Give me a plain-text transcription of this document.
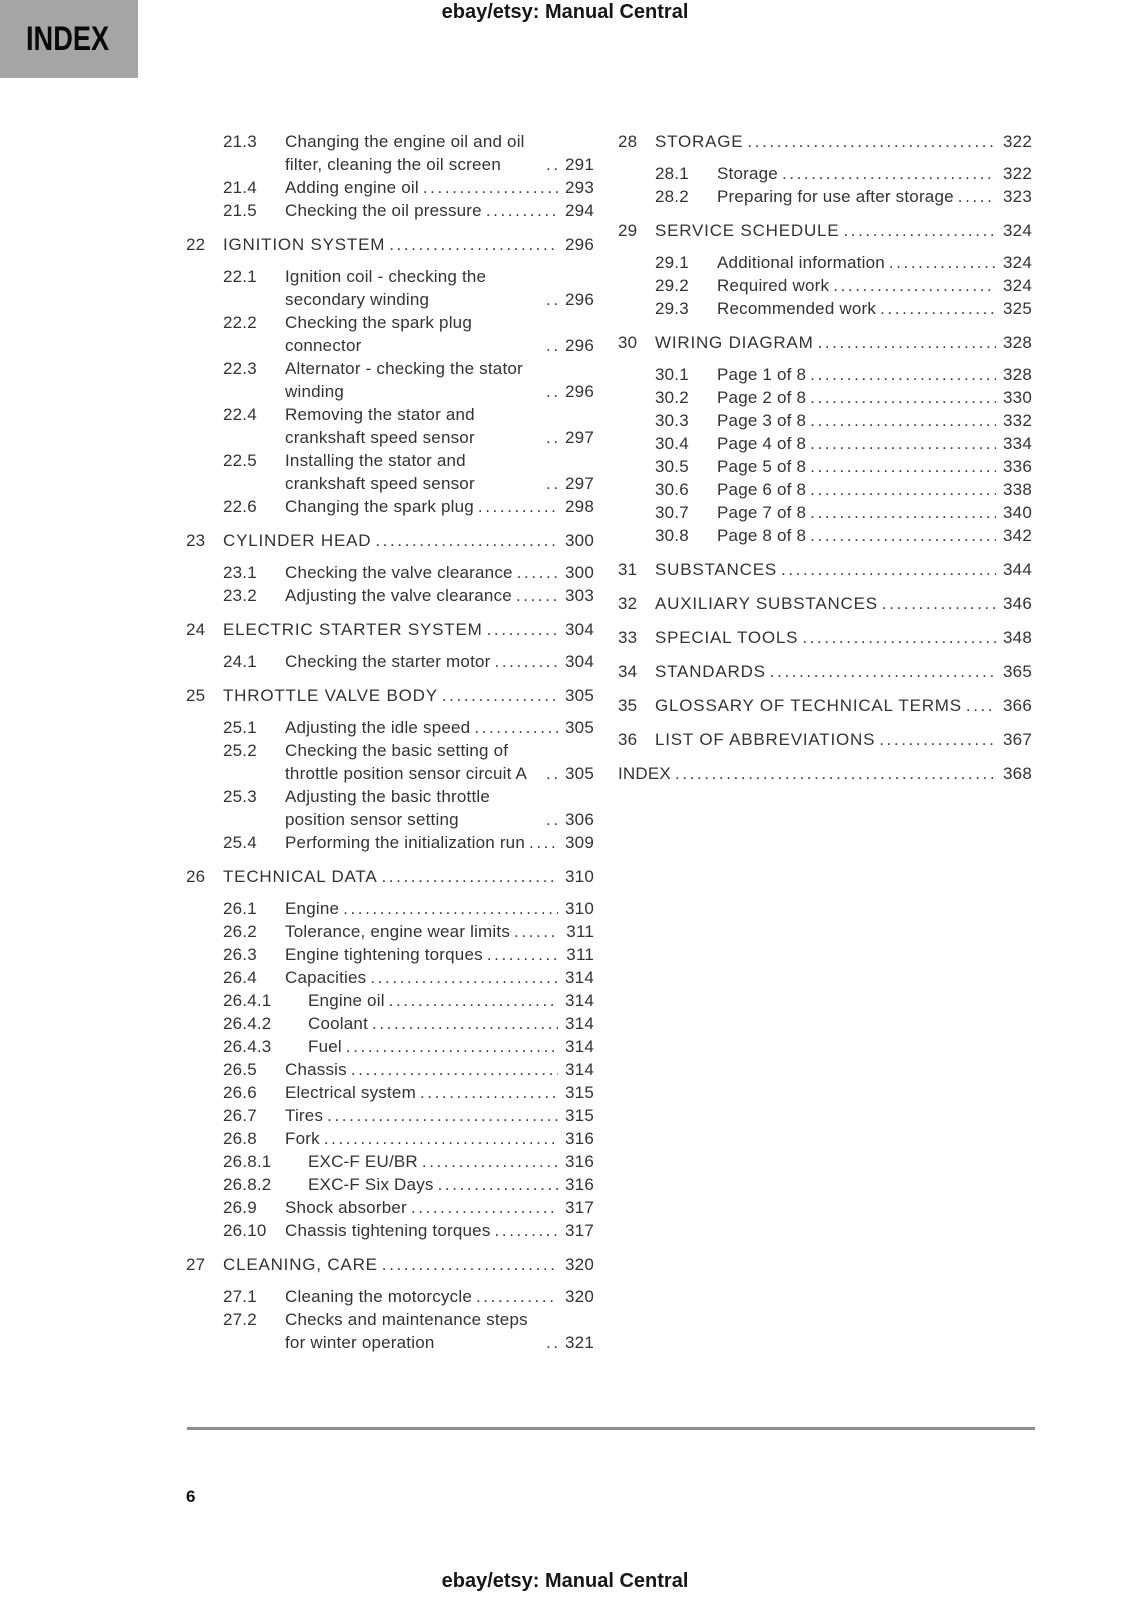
INDEX
ebay/etsy: Manual Central
21.3	Changing the engine oil and oil filter, cleaning the oil screen .....	291
21.4	Adding engine oil .....	293
21.5	Checking the oil pressure .....	294
22	IGNITION SYSTEM .....	296
22.1	Ignition coil - checking the secondary winding .....	296
22.2	Checking the spark plug connector .....	296
22.3	Alternator - checking the stator winding .....	296
22.4	Removing the stator and crankshaft speed sensor .....	297
22.5	Installing the stator and crankshaft speed sensor .....	297
22.6	Changing the spark plug .....	298
23	CYLINDER HEAD .....	300
23.1	Checking the valve clearance .....	300
23.2	Adjusting the valve clearance .....	303
24	ELECTRIC STARTER SYSTEM .....	304
24.1	Checking the starter motor .....	304
25	THROTTLE VALVE BODY .....	305
25.1	Adjusting the idle speed .....	305
25.2	Checking the basic setting of throttle position sensor circuit A .....	305
25.3	Adjusting the basic throttle position sensor setting .....	306
25.4	Performing the initialization run ..... 309
26	TECHNICAL DATA .....	310
26.1	Engine .....	310
26.2	Tolerance, engine wear limits .....	311
26.3	Engine tightening torques .....	311
26.4	Capacities .....	314
26.4.1	Engine oil .....	314
26.4.2	Coolant .....	314
26.4.3	Fuel .....	314
26.5	Chassis .....	314
26.6	Electrical system .....	315
26.7	Tires .....	315
26.8	Fork .....	316
26.8.1	EXC-F EU/BR .....	316
26.8.2	EXC-F Six Days .....	316
26.9	Shock absorber .....	317
26.10	Chassis tightening torques .....	317
27	CLEANING, CARE .....	320
27.1	Cleaning the motorcycle .....	320
27.2	Checks and maintenance steps for winter operation .....	321
28	STORAGE .....	322
28.1	Storage .....	322
28.2	Preparing for use after storage .....	323
29	SERVICE SCHEDULE .....	324
29.1	Additional information .....	324
29.2	Required work .....	324
29.3	Recommended work .....	325
30	WIRING DIAGRAM .....	328
30.1	Page 1 of 8 .....	328
30.2	Page 2 of 8 .....	330
30.3	Page 3 of 8 .....	332
30.4	Page 4 of 8 .....	334
30.5	Page 5 of 8 .....	336
30.6	Page 6 of 8 .....	338
30.7	Page 7 of 8 .....	340
30.8	Page 8 of 8 .....	342
31	SUBSTANCES .....	344
32	AUXILIARY SUBSTANCES .....	346
33	SPECIAL TOOLS .....	348
34	STANDARDS .....	365
35	GLOSSARY OF TECHNICAL TERMS ..... 366
36	LIST OF ABBREVIATIONS .....	367
INDEX .....	368
6
ebay/etsy: Manual Central
